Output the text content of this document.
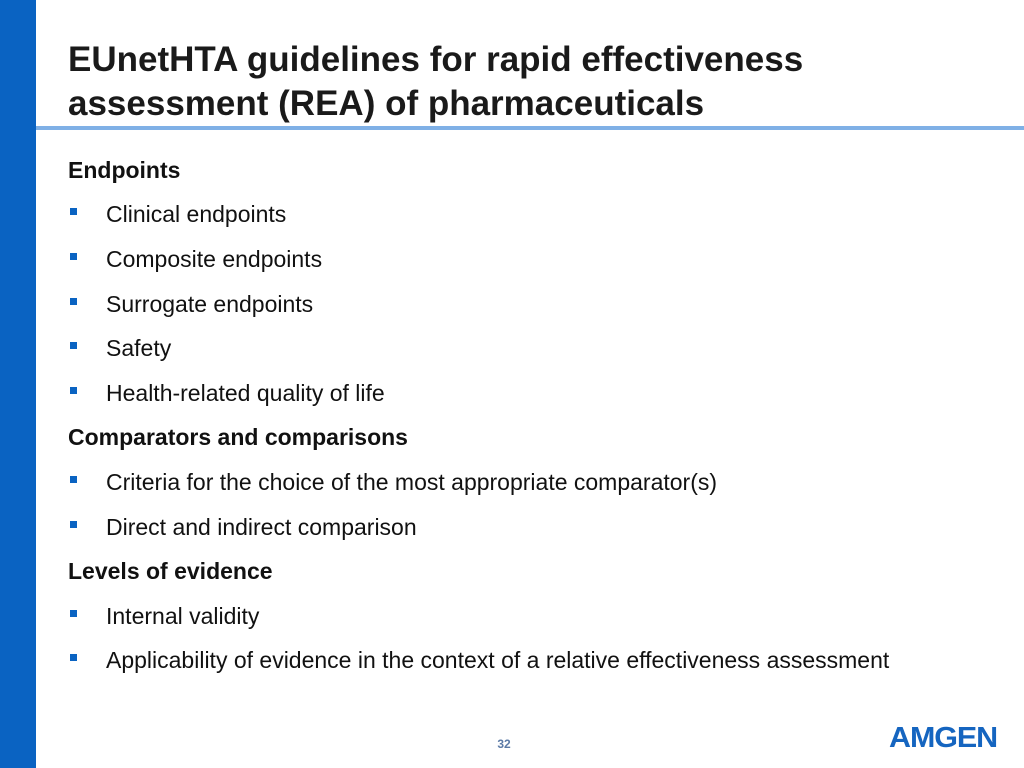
EUnetHTA guidelines for rapid effectiveness
assessment (REA) of pharmaceuticals
Endpoints
Clinical endpoints
Composite endpoints
Surrogate endpoints
Safety
Health-related quality of life
Comparators and comparisons
Criteria for the choice of the most appropriate comparator(s)
Direct and indirect comparison
Levels of evidence
Internal validity
Applicability of evidence in the context of a relative effectiveness assessment
32	AMGEN
